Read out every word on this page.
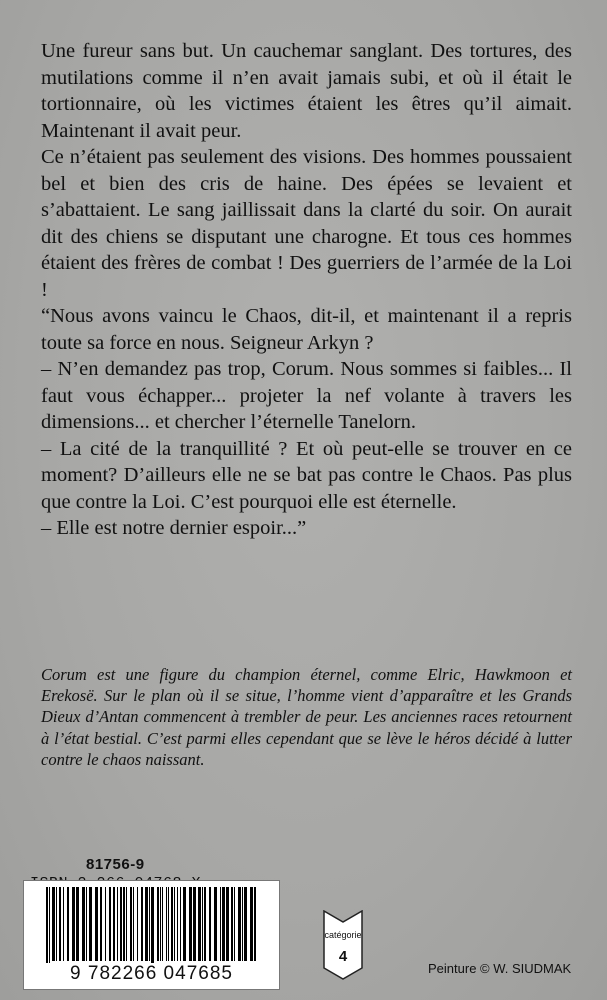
Une fureur sans but. Un cauchemar sanglant. Des tortures, des mutilations comme il n’en avait jamais subi, et où il était le tortionnaire, où les victimes étaient les êtres qu’il aimait. Maintenant il avait peur.

Ce n’étaient pas seulement des visions. Des hommes poussaient bel et bien des cris de haine. Des épées se levaient et s’abattaient. Le sang jaillissait dans la clarté du soir. On aurait dit des chiens se disputant une charogne. Et tous ces hommes étaient des frères de combat ! Des guerriers de l’armée de la Loi !

“Nous avons vaincu le Chaos, dit-il, et maintenant il a repris toute sa force en nous. Seigneur Arkyn ?

– N’en demandez pas trop, Corum. Nous sommes si faibles... Il faut vous échapper... projeter la nef volante à travers les dimensions... et chercher l’éternelle Tanelorn.

– La cité de la tranquillité ? Et où peut-elle se trouver en ce moment? D’ailleurs elle ne se bat pas contre le Chaos. Pas plus que contre la Loi. C’est pourquoi elle est éternelle.

– Elle est notre dernier espoir...”

Corum est une figure du champion éternel, comme Elric, Hawkmoon et Erekosë. Sur le plan où il se situe, l’homme vient d’apparaître et les Grands Dieux d’Antan commencent à trembler de peur. Les anciennes races retournent à l’état bestial. C’est parmi elles cependant que se lève le héros décidé à lutter contre le chaos naissant.

81756-9
9 782266 047685
catégorie
4
Peinture © W. SIUDMAK
